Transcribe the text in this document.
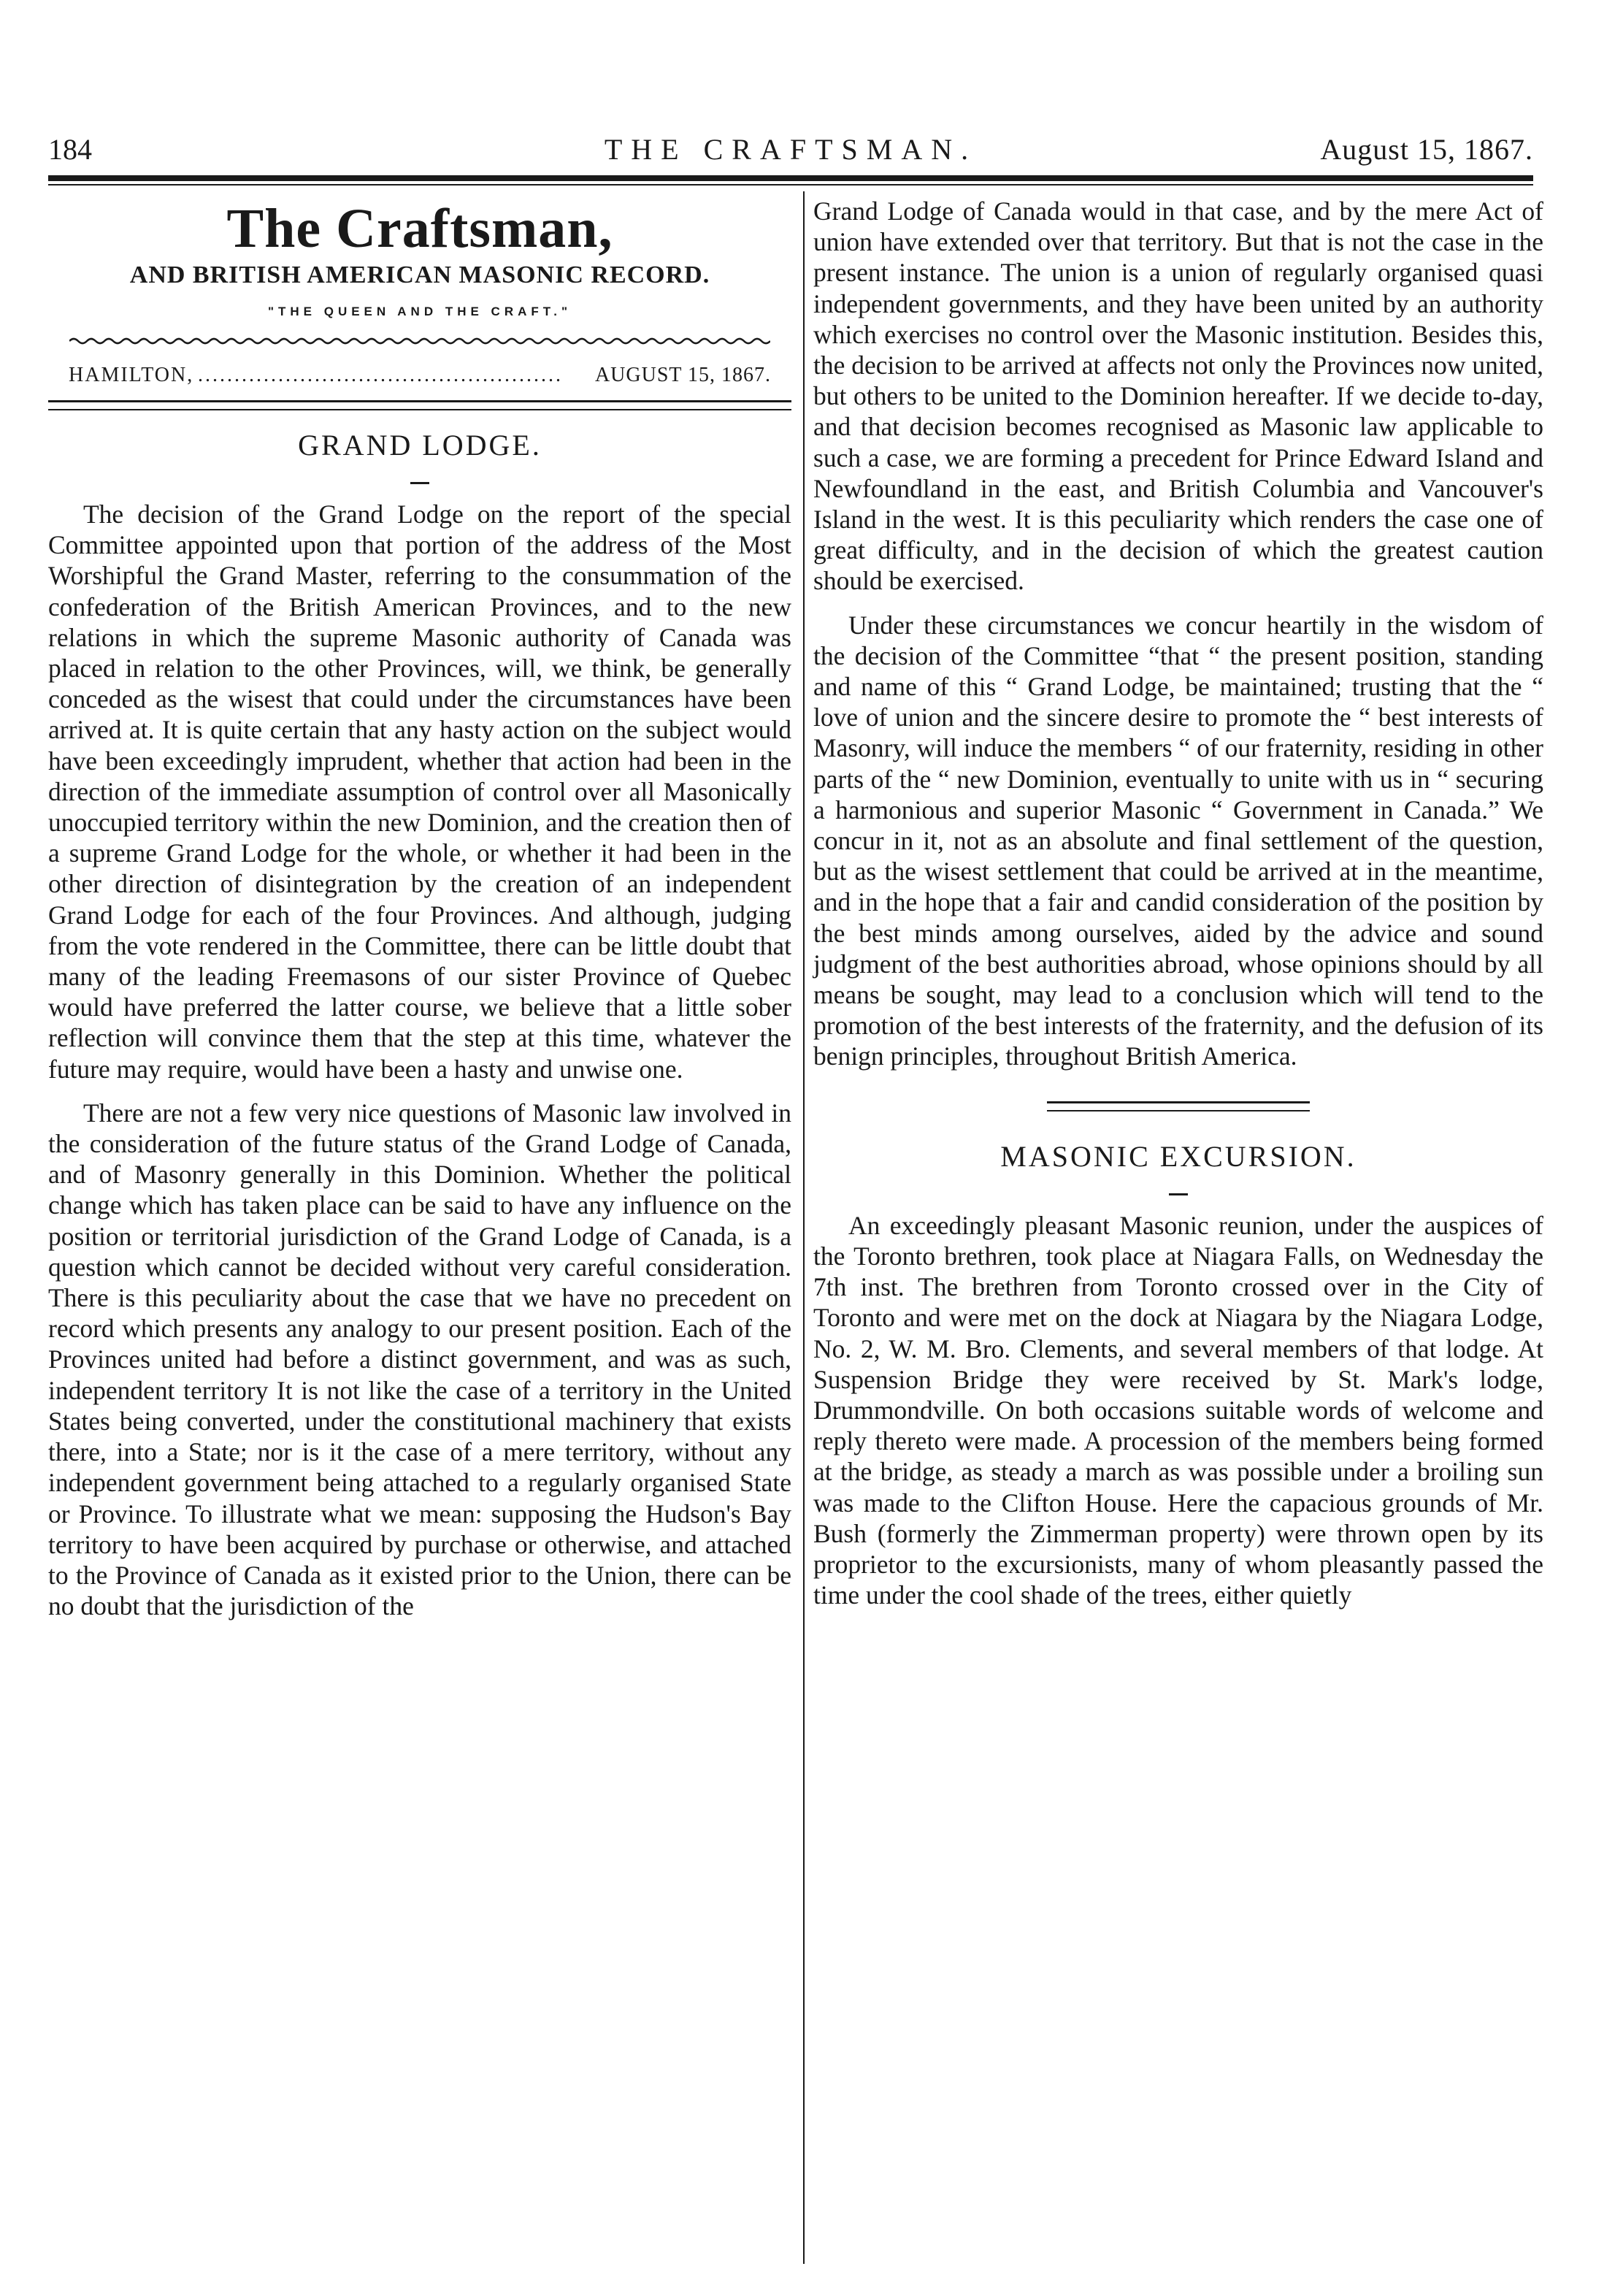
184	THE CRAFTSMAN.	August 15, 1867.
The Craftsman,
AND BRITISH AMERICAN MASONIC RECORD.
"THE QUEEN AND THE CRAFT."
HAMILTON, .................................................. AUGUST 15, 1867.
GRAND LODGE.

The decision of the Grand Lodge on the report of the special Committee appointed upon that portion of the address of the Most Worshipful the Grand Master, referring to the consummation of the confederation of the British American Provinces, and to the new relations in which the supreme Masonic authority of Canada was placed in relation to the other Provinces, will, we think, be generally conceded as the wisest that could under the circumstances have been arrived at. It is quite certain that any hasty action on the subject would have been exceedingly imprudent, whether that action had been in the direction of the immediate assumption of control over all Masonically unoccupied territory within the new Dominion, and the creation then of a supreme Grand Lodge for the whole, or whether it had been in the other direction of disintegration by the creation of an independent Grand Lodge for each of the four Provinces. And although, judging from the vote rendered in the Committee, there can be little doubt that many of the leading Freemasons of our sister Province of Quebec would have preferred the latter course, we believe that a little sober reflection will convince them that the step at this time, whatever the future may require, would have been a hasty and unwise one.

There are not a few very nice questions of Masonic law involved in the consideration of the future status of the Grand Lodge of Canada, and of Masonry generally in this Dominion. Whether the political change which has taken place can be said to have any influence on the position or territorial jurisdiction of the Grand Lodge of Canada, is a question which cannot be decided without very careful consideration. There is this peculiarity about the case that we have no precedent on record which presents any analogy to our present position. Each of the Provinces united had before a distinct government, and was as such, independent territory It is not like the case of a territory in the United States being converted, under the constitutional machinery that exists there, into a State; nor is it the case of a mere territory, without any independent government being attached to a regularly organised State or Province. To illustrate what we mean: supposing the Hudson's Bay territory to have been acquired by purchase or otherwise, and attached to the Province of Canada as it existed prior to the Union, there can be no doubt that the jurisdiction of the

Grand Lodge of Canada would in that case, and by the mere Act of union have extended over that territory. But that is not the case in the present instance. The union is a union of regularly organised quasi independent governments, and they have been united by an authority which exercises no control over the Masonic institution. Besides this, the decision to be arrived at affects not only the Provinces now united, but others to be united to the Dominion hereafter. If we decide to-day, and that decision becomes recognised as Masonic law applicable to such a case, we are forming a precedent for Prince Edward Island and Newfoundland in the east, and British Columbia and Vancouver's Island in the west. It is this peculiarity which renders the case one of great difficulty, and in the decision of which the greatest caution should be exercised.

Under these circumstances we concur heartily in the wisdom of the decision of the Committee “that “ the present position, standing and name of this “ Grand Lodge, be maintained; trusting that the “ love of union and the sincere desire to promote the “ best interests of Masonry, will induce the members “ of our fraternity, residing in other parts of the “ new Dominion, eventually to unite with us in “ securing a harmonious and superior Masonic “ Government in Canada.” We concur in it, not as an absolute and final settlement of the question, but as the wisest settlement that could be arrived at in the meantime, and in the hope that a fair and candid consideration of the position by the best minds among ourselves, aided by the advice and sound judgment of the best authorities abroad, whose opinions should by all means be sought, may lead to a conclusion which will tend to the promotion of the best interests of the fraternity, and the defusion of its benign principles, throughout British America.

MASONIC EXCURSION.

An exceedingly pleasant Masonic reunion, under the auspices of the Toronto brethren, took place at Niagara Falls, on Wednesday the 7th inst. The brethren from Toronto crossed over in the City of Toronto and were met on the dock at Niagara by the Niagara Lodge, No. 2, W. M. Bro. Clements, and several members of that lodge. At Suspension Bridge they were received by St. Mark's lodge, Drummondville. On both occasions suitable words of welcome and reply thereto were made. A procession of the members being formed at the bridge, as steady a march as was possible under a broiling sun was made to the Clifton House. Here the capacious grounds of Mr. Bush (formerly the Zimmerman property) were thrown open by its proprietor to the excursionists, many of whom pleasantly passed the time under the cool shade of the trees, either quietly
